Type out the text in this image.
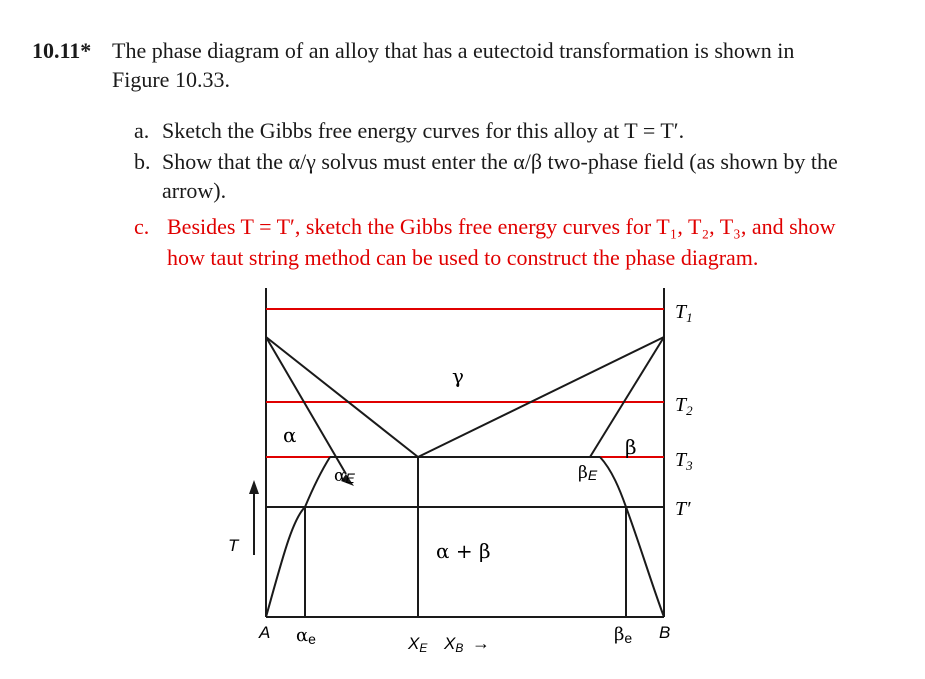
10.11* The phase diagram of an alloy that has a eutectoid transformation is shown in
Figure 10.33.
a. Sketch the Gibbs free energy curves for this alloy at T = T′.
b. Show that the α/γ solvus must enter the α/β two-phase field (as shown by the
arrow).
c. Besides T = T′, sketch the Gibbs free energy curves for T₁, T₂, T₃, and show
how taut string method can be used to construct the phase diagram.
γ
α	β
α + β
αE	βE
$T_1$
$T_2$
$T_3$
T′
T
A	B
αe	βe
XE XB →
